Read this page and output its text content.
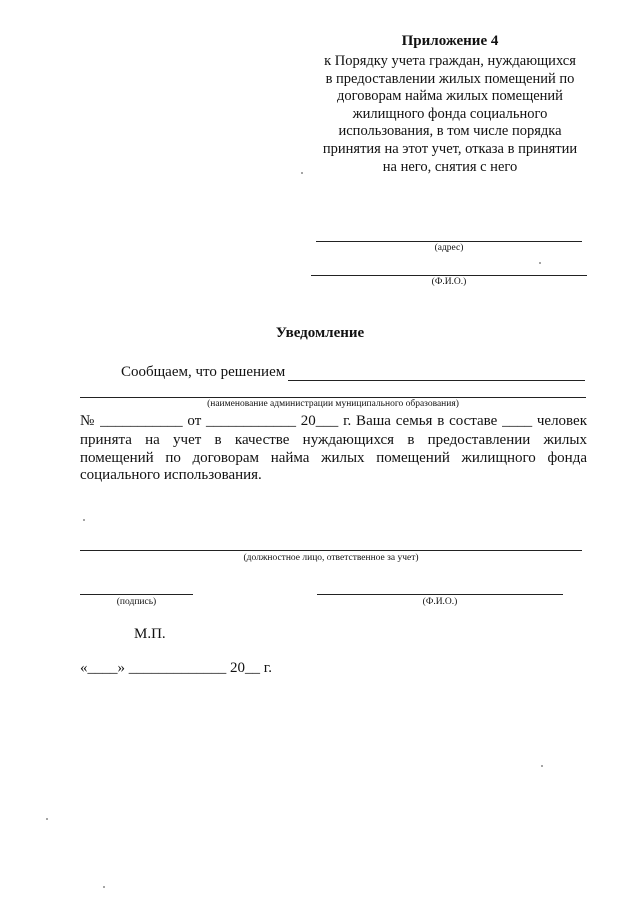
Приложение 4
к Порядку учета граждан, нуждающихся
в предоставлении жилых помещений по
договорам найма жилых помещений
жилищного фонда социального
использования, в том числе порядка
принятия на этот учет, отказа в принятии
на него, снятия с него
(адрес)
(Ф.И.О.)
Уведомление
Сообщаем, что решением
(наименование администрации муниципального образования)
№ ___________ от ____________ 20___ г. Ваша семья в составе ____ человек
принята на учет в качестве нуждающихся в предоставлении жилых
помещений по договорам найма жилых помещений жилищного фонда
социального использования.
(должностное лицо, ответственное за учет)
(подпись)	(Ф.И.О.)
М.П.
«____» _____________ 20__ г.
